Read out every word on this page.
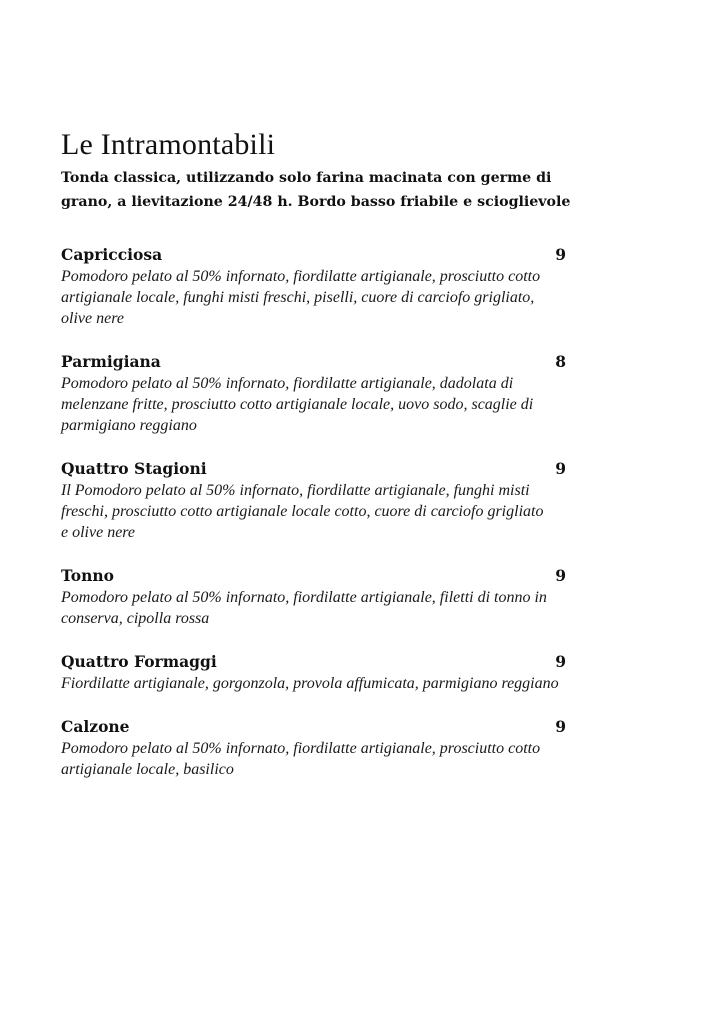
Le Intramontabili
Tonda classica, utilizzando solo farina macinata con germe di grano, a lievitazione 24/48 h. Bordo basso friabile e scioglievole
Capricciosa	9
Pomodoro pelato al 50% infornato, fiordilatte artigianale, prosciutto cotto artigianale locale, funghi misti freschi, piselli, cuore di carciofo grigliato, olive nere
Parmigiana	8
Pomodoro pelato al 50% infornato, fiordilatte artigianale, dadolata di melenzane fritte, prosciutto cotto artigianale locale, uovo sodo, scaglie di parmigiano reggiano
Quattro Stagioni	9
Il Pomodoro pelato al 50% infornato, fiordilatte artigianale, funghi misti freschi, prosciutto cotto artigianale locale cotto, cuore di carciofo grigliato e olive nere
Tonno	9
Pomodoro pelato al 50% infornato, fiordilatte artigianale, filetti di tonno in conserva, cipolla rossa
Quattro Formaggi	9
Fiordilatte artigianale, gorgonzola, provola affumicata, parmigiano reggiano
Calzone	9
Pomodoro pelato al 50% infornato, fiordilatte artigianale, prosciutto cotto artigianale locale, basilico
